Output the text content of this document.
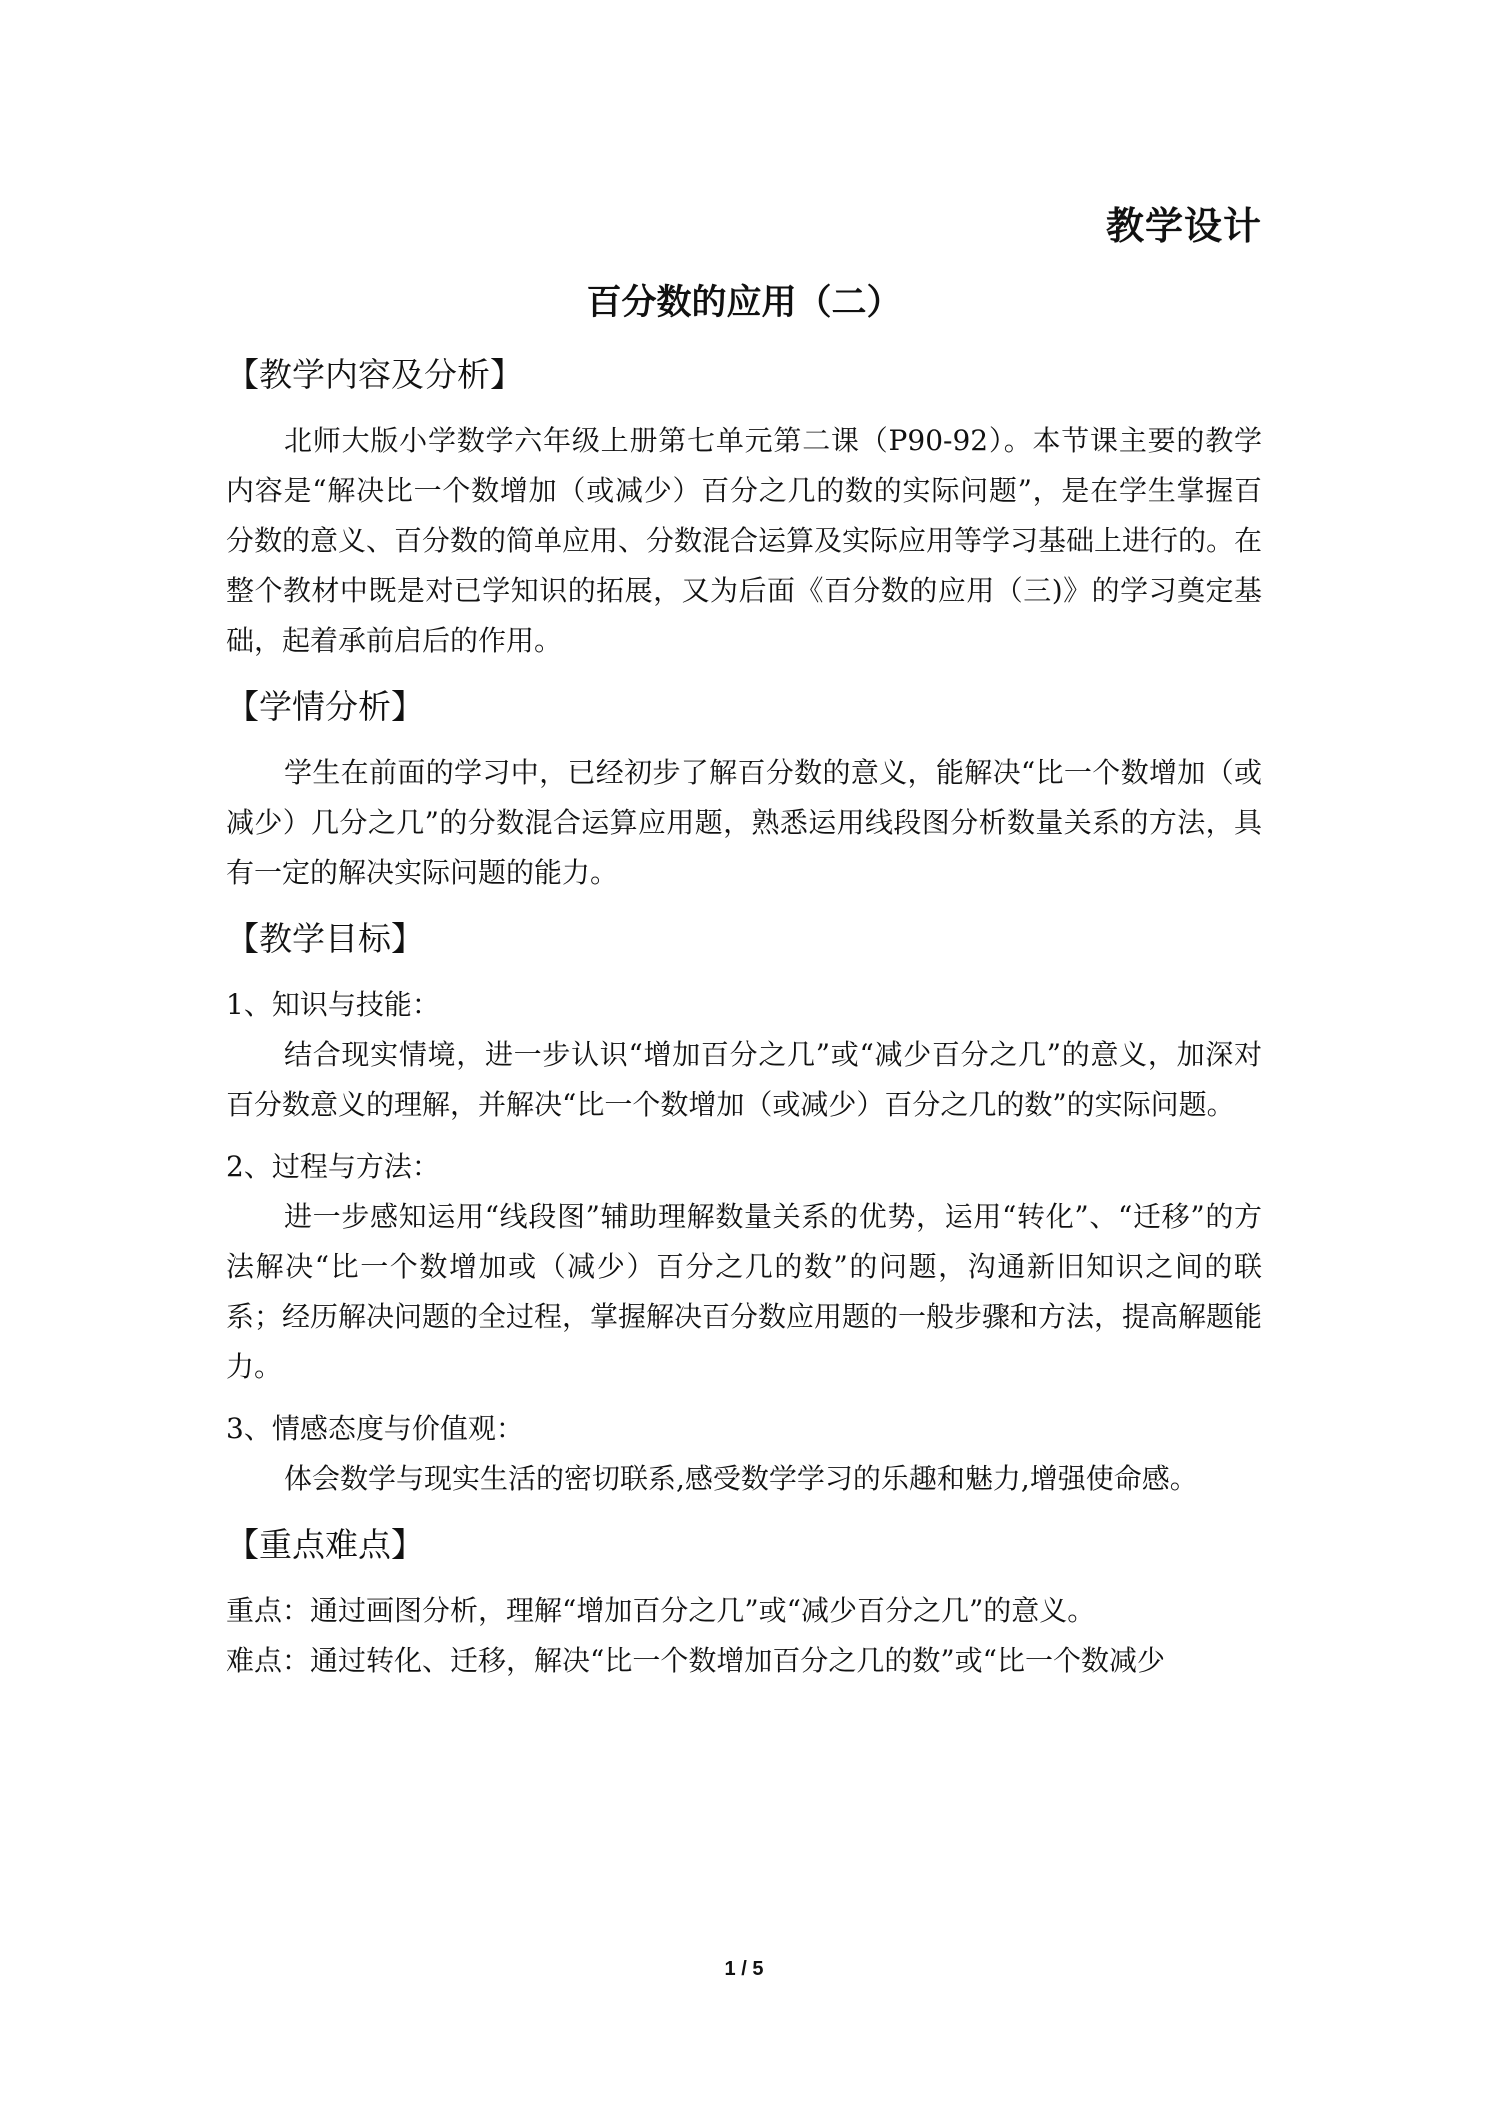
教学设计
百分数的应用（二）
【教学内容及分析】

北师大版小学数学六年级上册第七单元第二课（P90-92）。本节课主要的教学内容是“解决比一个数增加（或减少）百分之几的数的实际问题”，是在学生掌握百分数的意义、百分数的简单应用、分数混合运算及实际应用等学习基础上进行的。在整个教材中既是对已学知识的拓展，又为后面《百分数的应用（三)》的学习奠定基础，起着承前启后的作用。

【学情分析】

学生在前面的学习中，已经初步了解百分数的意义，能解决“比一个数增加（或减少）几分之几”的分数混合运算应用题，熟悉运用线段图分析数量关系的方法，具有一定的解决实际问题的能力。

【教学目标】
1、知识与技能：

结合现实情境，进一步认识“增加百分之几”或“减少百分之几”的意义，加深对百分数意义的理解，并解决“比一个数增加（或减少）百分之几的数”的实际问题。

2、过程与方法：

进一步感知运用“线段图”辅助理解数量关系的优势，运用“转化”、“迁移”的方法解决“比一个数增加或（减少）百分之几的数”的问题，沟通新旧知识之间的联系；经历解决问题的全过程，掌握解决百分数应用题的一般步骤和方法，提高解题能力。

3、情感态度与价值观：

体会数学与现实生活的密切联系,感受数学学习的乐趣和魅力,增强使命感。

【重点难点】
重点：通过画图分析，理解“增加百分之几”或“减少百分之几”的意义。
难点：通过转化、迁移，解决“比一个数增加百分之几的数”或“比一个数减少
1 / 5
